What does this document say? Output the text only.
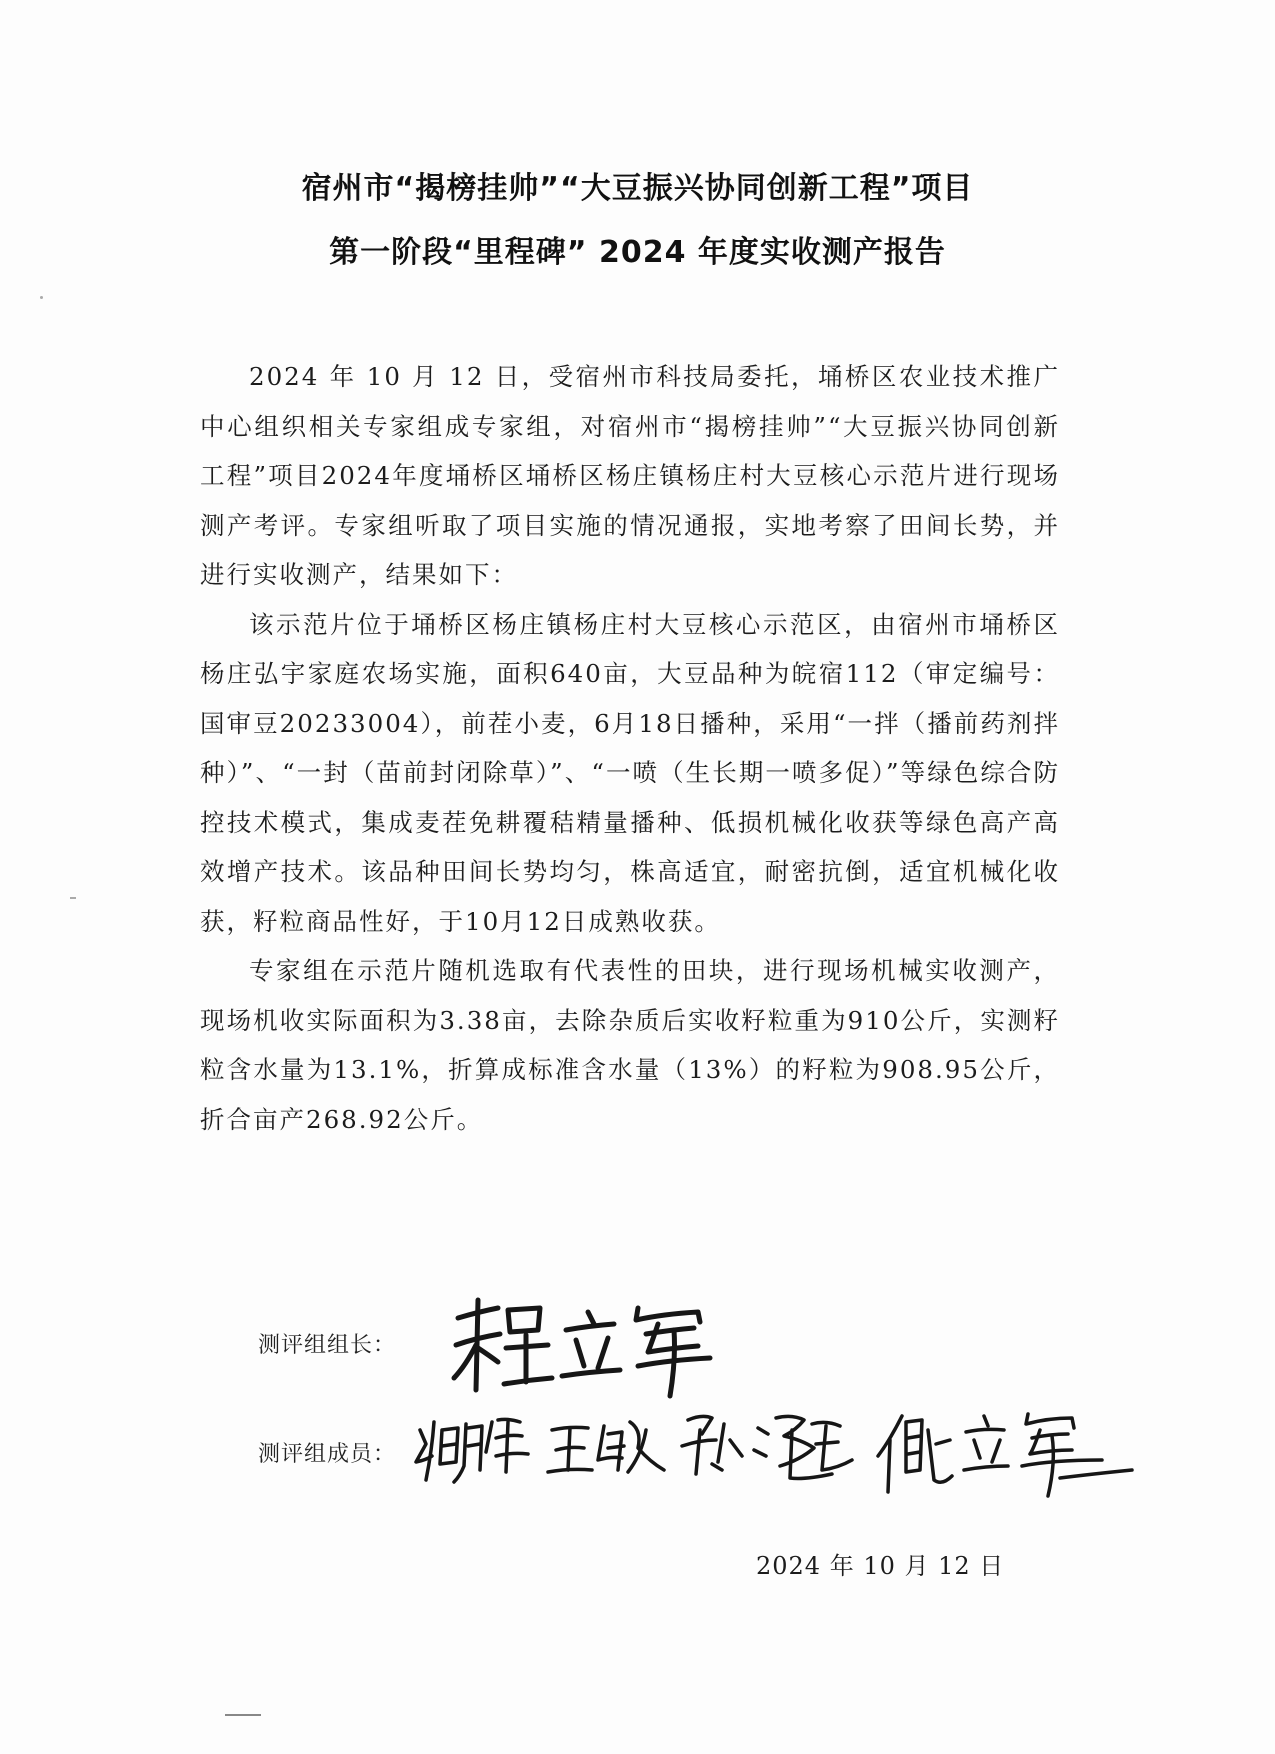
宿州市“揭榜挂帅”“大豆振兴协同创新工程”项目
第一阶段“里程碑” 2024 年度实收测产报告

2024 年 10 月 12 日，受宿州市科技局委托，埇桥区农业技术推广中心组织相关专家组成专家组，对宿州市“揭榜挂帅”“大豆振兴协同创新工程”项目2024年度埇桥区埇桥区杨庄镇杨庄村大豆核心示范片进行现场测产考评。专家组听取了项目实施的情况通报，实地考察了田间长势，并进行实收测产，结果如下：

该示范片位于埇桥区杨庄镇杨庄村大豆核心示范区，由宿州市埇桥区杨庄弘宇家庭农场实施，面积640亩，大豆品种为皖宿112（审定编号：国审豆20233004），前茬小麦，6月18日播种，采用“一拌（播前药剂拌种）”、“一封（苗前封闭除草）”、“一喷（生长期一喷多促）”等绿色综合防控技术模式，集成麦茬免耕覆秸精量播种、低损机械化收获等绿色高产高效增产技术。该品种田间长势均匀，株高适宜，耐密抗倒，适宜机械化收获，籽粒商品性好，于10月12日成熟收获。

专家组在示范片随机选取有代表性的田块，进行现场机械实收测产，现场机收实际面积为3.38亩，去除杂质后实收籽粒重为910公斤，实测籽粒含水量为13.1%，折算成标准含水量（13%）的籽粒为908.95公斤，折合亩产268.92公斤。

测评组组长：
测评组成员：
2024 年 10 月 12 日
